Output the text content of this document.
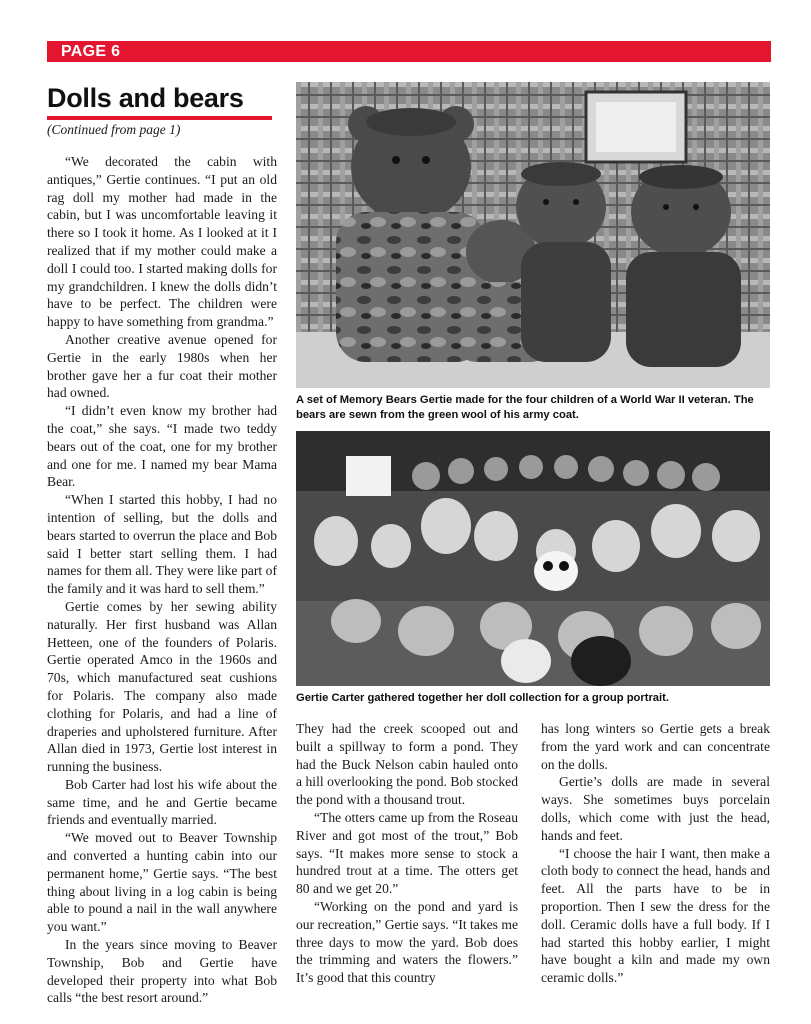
PAGE 6
Dolls and bears
(Continued from page 1)

“We decorated the cabin with antiques,” Gertie continues. “I put an old rag doll my mother had made in the cabin, but I was uncomfortable leaving it there so I took it home. As I looked at it I realized that if my mother could make a doll I could too. I started making dolls for my grandchildren. I knew the dolls didn’t have to be perfect. The children were happy to have something from grandma.”

Another creative avenue opened for Gertie in the early 1980s when her brother gave her a fur coat their mother had owned.

“I didn’t even know my brother had the coat,” she says. “I made two teddy bears out of the coat, one for my brother and one for me. I named my bear Mama Bear.

“When I started this hobby, I had no intention of selling, but the dolls and bears started to overrun the place and Bob said I better start selling them. I had names for them all. They were like part of the family and it was hard to sell them.”

Gertie comes by her sewing ability naturally. Her first husband was Allan Hetteen, one of the founders of Polaris. Gertie operated Amco in the 1960s and 70s, which manufactured seat cushions for Polaris. The company also made clothing for Polaris, and had a line of draperies and upholstered furniture. After Allan died in 1973, Gertie lost interest in running the business.

Bob Carter had lost his wife about the same time, and he and Gertie became friends and eventually married.

“We moved out to Beaver Township and converted a hunting cabin into our permanent home,” Gertie says. “The best thing about living in a log cabin is being able to pound a nail in the wall anywhere you want.”

In the years since moving to Beaver Township, Bob and Gertie have developed their property into what Bob calls “the best resort around.”

A set of Memory Bears Gertie made for the four children of a World War II veteran. The bears are sewn from the green wool of his army coat.
Gertie Carter gathered together her doll collection for a group portrait.

They had the creek scooped out and built a spillway to form a pond. They had the Buck Nelson cabin hauled onto a hill overlooking the pond. Bob stocked the pond with a thousand trout.

“The otters came up from the Roseau River and got most of the trout,” Bob says. “It makes more sense to stock a hundred trout at a time. The otters get 80 and we get 20.”

“Working on the pond and yard is our recreation,” Gertie says. “It takes me three days to mow the yard. Bob does the trimming and waters the flowers.” It’s good that this country

has long winters so Gertie gets a break from the yard work and can concentrate on the dolls.

Gertie’s dolls are made in several ways. She sometimes buys porcelain dolls, which come with just the head, hands and feet.

“I choose the hair I want, then make a cloth body to connect the head, hands and feet. All the parts have to be in proportion. Then I sew the dress for the doll. Ceramic dolls have a full body. If I had started this hobby earlier, I might have bought a kiln and made my own ceramic dolls.”
